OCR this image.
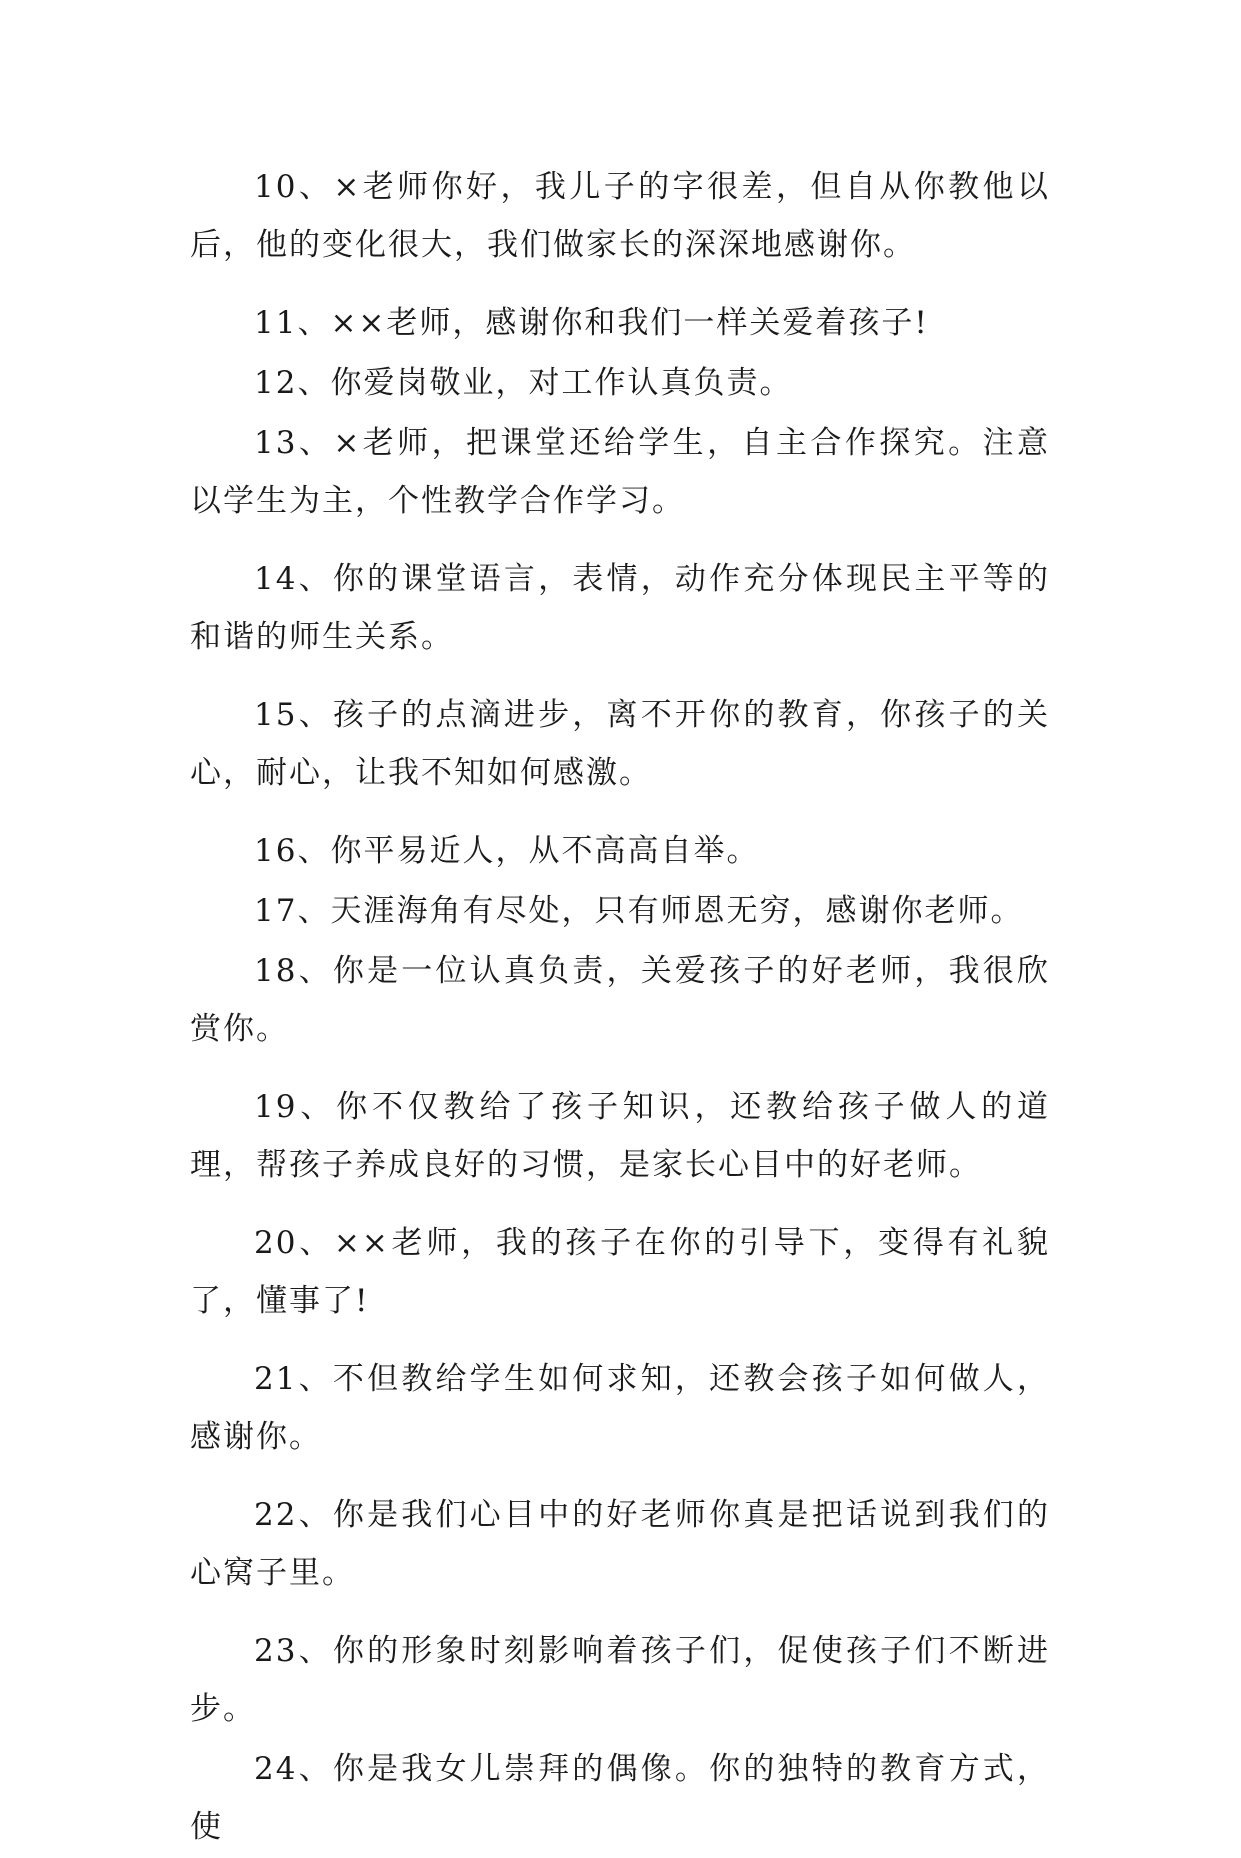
10、×老师你好，我儿子的字很差，但自从你教他以后，他的变化很大，我们做家长的深深地感谢你。

11、××老师，感谢你和我们一样关爱着孩子!

12、你爱岗敬业，对工作认真负责。

13、×老师，把课堂还给学生，自主合作探究。注意以学生为主，个性教学合作学习。

14、你的课堂语言，表情，动作充分体现民主平等的和谐的师生关系。

15、孩子的点滴进步，离不开你的教育，你孩子的关心，耐心，让我不知如何感激。

16、你平易近人，从不高高自举。

17、天涯海角有尽处，只有师恩无穷，感谢你老师。

18、你是一位认真负责，关爱孩子的好老师，我很欣赏你。

19、你不仅教给了孩子知识，还教给孩子做人的道理，帮孩子养成良好的习惯，是家长心目中的好老师。

20、××老师，我的孩子在你的引导下，变得有礼貌了，懂事了!

21、不但教给学生如何求知，还教会孩子如何做人，感谢你。

22、你是我们心目中的好老师你真是把话说到我们的心窝子里。

23、你的形象时刻影响着孩子们，促使孩子们不断进步。

24、你是我女儿崇拜的偶像。你的独特的教育方式，使
